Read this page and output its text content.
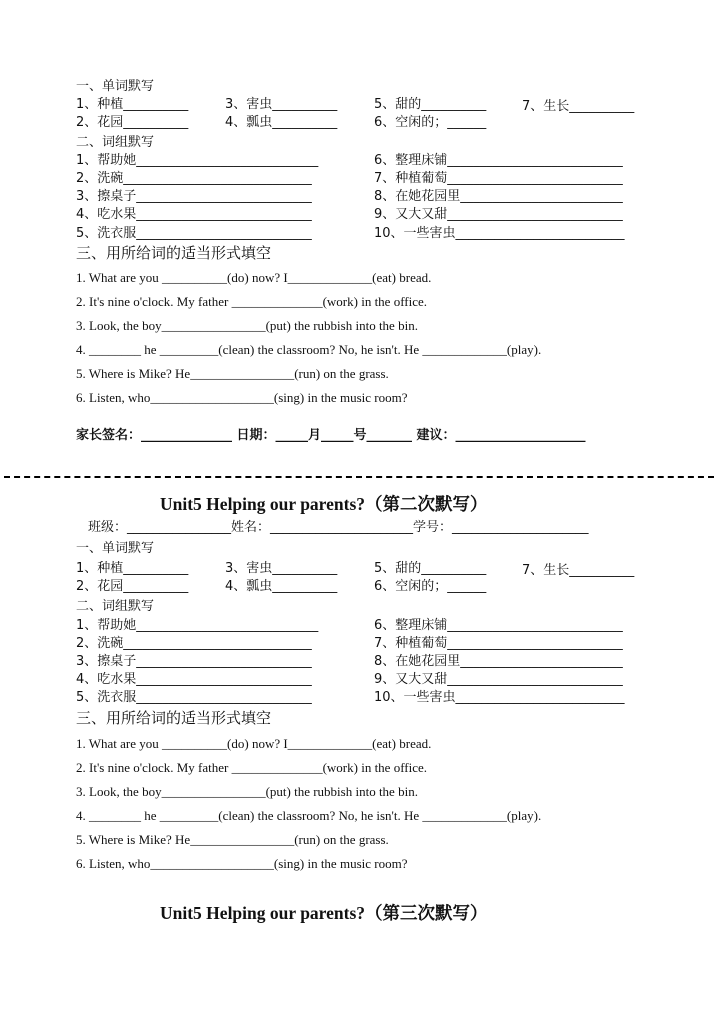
一、单词默写
1、种植__________	3、害虫__________	5、甜的__________	7、生长__________
2、花园__________	4、瓢虫__________	6、空闲的；______
二、词组默写
1、帮助她____________________________	6、整理床铺___________________________
2、洗碗_____________________________	7、种植葡萄___________________________
3、擦桌子___________________________	8、在她花园里_________________________
4、吃水果___________________________	9、又大又甜___________________________
5、洗衣服___________________________	10、一些害虫__________________________
三、用所给词的适当形式填空
1. What are you __________(do) now? I_____________(eat) bread.
2. It's nine o'clock. My father ______________(work) in the office.
3. Look, the boy________________(put) the rubbish into the bin.
4. ________ he _________(clean) the classroom? No, he isn't. He _____________(play).
5. Where is Mike? He________________(run) on the grass.
6. Listen, who___________________(sing) in the music room?
家长签名：______________ 日期：_____月_____号_______ 建议：____________________
Unit5 Helping our parents?（第二次默写）
班级：________________姓名：______________________学号：_____________________
一、单词默写
1、种植__________	3、害虫__________	5、甜的__________	7、生长__________
2、花园__________	4、瓢虫__________	6、空闲的；______
二、词组默写
1、帮助她____________________________	6、整理床铺___________________________
2、洗碗_____________________________	7、种植葡萄___________________________
3、擦桌子___________________________	8、在她花园里_________________________
4、吃水果___________________________	9、又大又甜___________________________
5、洗衣服___________________________	10、一些害虫__________________________
三、用所给词的适当形式填空
1. What are you __________(do) now? I_____________(eat) bread.
2. It's nine o'clock. My father ______________(work) in the office.
3. Look, the boy________________(put) the rubbish into the bin.
4. ________ he _________(clean) the classroom? No, he isn't. He _____________(play).
5. Where is Mike? He________________(run) on the grass.
6. Listen, who___________________(sing) in the music room?
Unit5 Helping our parents?（第三次默写）
